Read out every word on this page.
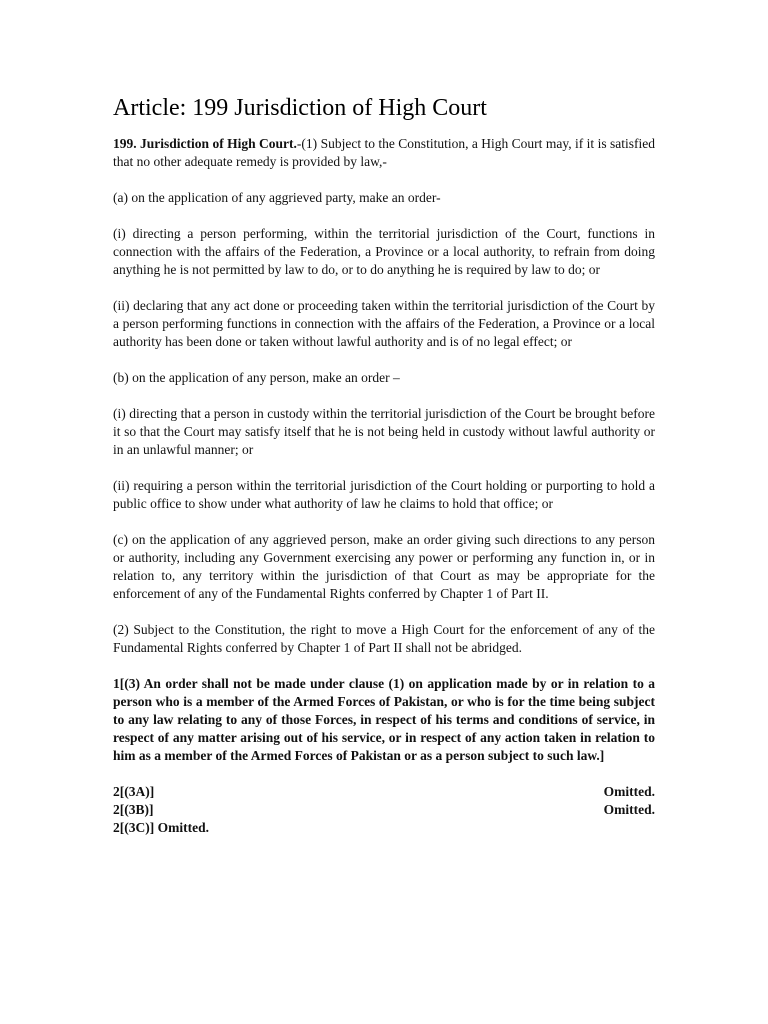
Article: 199 Jurisdiction of High Court

199. Jurisdiction of High Court.-(1) Subject to the Constitution, a High Court may, if it is satisfied that no other adequate remedy is provided by law,-

(a) on the application of any aggrieved party, make an order-

(i) directing a person performing, within the territorial jurisdiction of the Court, functions in connection with the affairs of the Federation, a Province or a local authority, to refrain from doing anything he is not permitted by law to do, or to do anything he is required by law to do; or

(ii) declaring that any act done or proceeding taken within the territorial jurisdiction of the Court by a person performing functions in connection with the affairs of the Federation, a Province or a local authority has been done or taken without lawful authority and is of no legal effect; or

(b) on the application of any person, make an order –

(i) directing that a person in custody within the territorial jurisdiction of the Court be brought before it so that the Court may satisfy itself that he is not being held in custody without lawful authority or in an unlawful manner; or

(ii) requiring a person within the territorial jurisdiction of the Court holding or purporting to hold a public office to show under what authority of law he claims to hold that office; or

(c) on the application of any aggrieved person, make an order giving such directions to any person or authority, including any Government exercising any power or performing any function in, or in relation to, any territory within the jurisdiction of that Court as may be appropriate for the enforcement of any of the Fundamental Rights conferred by Chapter 1 of Part II.

(2) Subject to the Constitution, the right to move a High Court for the enforcement of any of the Fundamental Rights conferred by Chapter 1 of Part II shall not be abridged.

1[(3) An order shall not be made under clause (1) on application made by or in relation to a person who is a member of the Armed Forces of Pakistan, or who is for the time being subject to any law relating to any of those Forces, in respect of his terms and conditions of service, in respect of any matter arising out of his service, or in respect of any action taken in relation to him as a member of the Armed Forces of Pakistan or as a person subject to such law.]

2[(3A)]	Omitted.
2[(3B)]	Omitted.
2[(3C)] Omitted.
